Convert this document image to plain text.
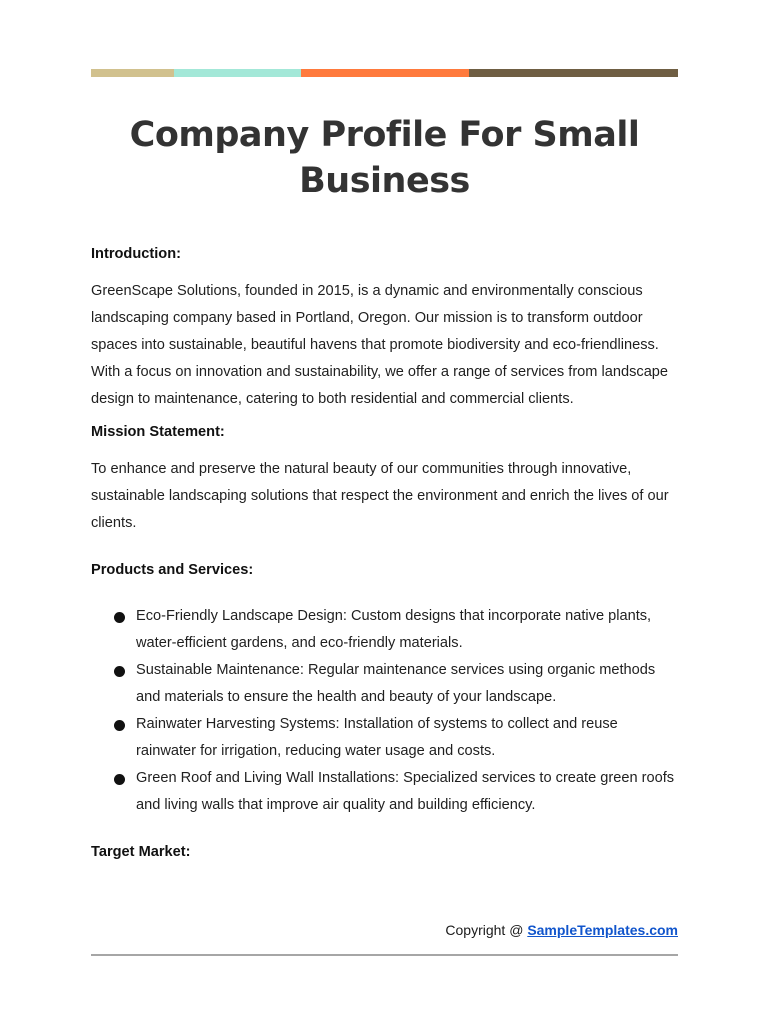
Company Profile For Small Business

Introduction:

GreenScape Solutions, founded in 2015, is a dynamic and environmentally conscious landscaping company based in Portland, Oregon. Our mission is to transform outdoor spaces into sustainable, beautiful havens that promote biodiversity and eco-friendliness. With a focus on innovation and sustainability, we offer a range of services from landscape design to maintenance, catering to both residential and commercial clients.

Mission Statement:

To enhance and preserve the natural beauty of our communities through innovative, sustainable landscaping solutions that respect the environment and enrich the lives of our clients.

Products and Services:

Eco-Friendly Landscape Design: Custom designs that incorporate native plants, water-efficient gardens, and eco-friendly materials.
Sustainable Maintenance: Regular maintenance services using organic methods and materials to ensure the health and beauty of your landscape.
Rainwater Harvesting Systems: Installation of systems to collect and reuse rainwater for irrigation, reducing water usage and costs.
Green Roof and Living Wall Installations: Specialized services to create green roofs and living walls that improve air quality and building efficiency.

Target Market:

Copyright @ SampleTemplates.com
